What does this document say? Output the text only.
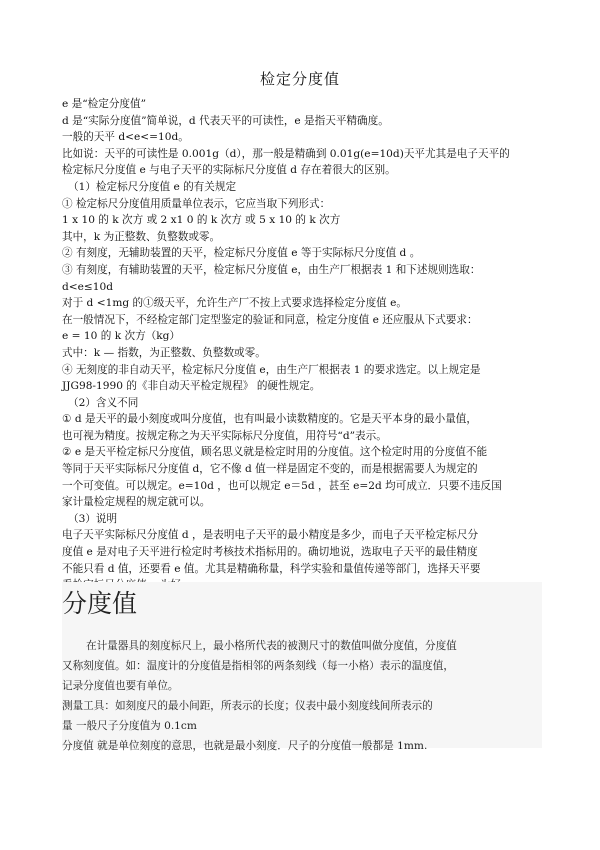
检定分度值

e 是“检定分度值”

d 是“实际分度值”简单说，d 代表天平的可读性，e 是指天平精确度。

一般的天平 d<e<=10d。

比如说：天平的可读性是 0.001g（d），那一般是精确到 0.01g(e=10d)天平尤其是电子天平的

检定标尺分度值 e 与电子天平的实际标尺分度值 d 存在着很大的区别。

（1）检定标尺分度值 e 的有关规定

① 检定标尺分度值用质量单位表示，它应当取下列形式：

1 x 10 的 k 次方 或 2 x1 0 的 k 次方 或 5 x 10 的 k 次方

其中，k 为正整数、负整数或零。

② 有刻度，无辅助装置的天平，检定标尺分度值 e 等于实际标尺分度值 d 。

③ 有刻度，有辅助装置的天平，检定标尺分度值 e，由生产厂根据表 1 和下述规则选取：

d<e≤10d

对于 d <1mg 的①级天平，允许生产厂不按上式要求选择检定分度值 e。

在一般情况下，不经检定部门定型鉴定的验证和同意，检定分度值 e 还应服从下式要求：

e = 10 的 k 次方（kg）

式中：k — 指数，为正整数、负整数或零。

④ 无刻度的非自动天平，检定标尺分度值 e，由生产厂根据表 1 的要求选定。以上规定是

JJG98-1990 的《非自动天平检定规程》 的硬性规定。

（2）含义不同

① d 是天平的最小刻度或叫分度值，也有叫最小读数精度的。它是天平本身的最小量值，

也可视为精度。按规定称之为天平实际标尺分度值，用符号“d”表示。

② e 是天平检定标尺分度值，顾名思义就是检定时用的分度值。这个检定时用的分度值不能

等同于天平实际标尺分度值 d，它不像 d 值一样是固定不变的，而是根据需要人为规定的

一个可变值。可以规定。e=10d ，也可以规定 e＝5d ，甚至 e=2d 均可成立．只要不违反国

家计量检定规程的规定就可以。

（3）说明

电子天平实际标尺分度值 d ，是表明电子天平的最小精度是多少，而电子天平检定标尺分

度值 e 是对电子天平进行检定时考核技术指标用的。确切地说，选取电子天平的最佳精度

不能只看 d 值，还要看 e 值。尤其是精确称量，科学实验和量值传递等部门，选择天平要

分度值

在计量器具的刻度标尺上，最小格所代表的被测尺寸的数值叫做分度值，分度值

又称刻度值。如：温度计的分度值是指相邻的两条刻线（每一小格）表示的温度值，

记录分度值也要有单位。

测量工具：如刻度尺的最小间距，所表示的长度；仪表中最小刻度线间所表示的

量 一般尺子分度值为 0.1cm

分度值 就是单位刻度的意思，也就是最小刻度．尺子的分度值一般都是 1mm.
